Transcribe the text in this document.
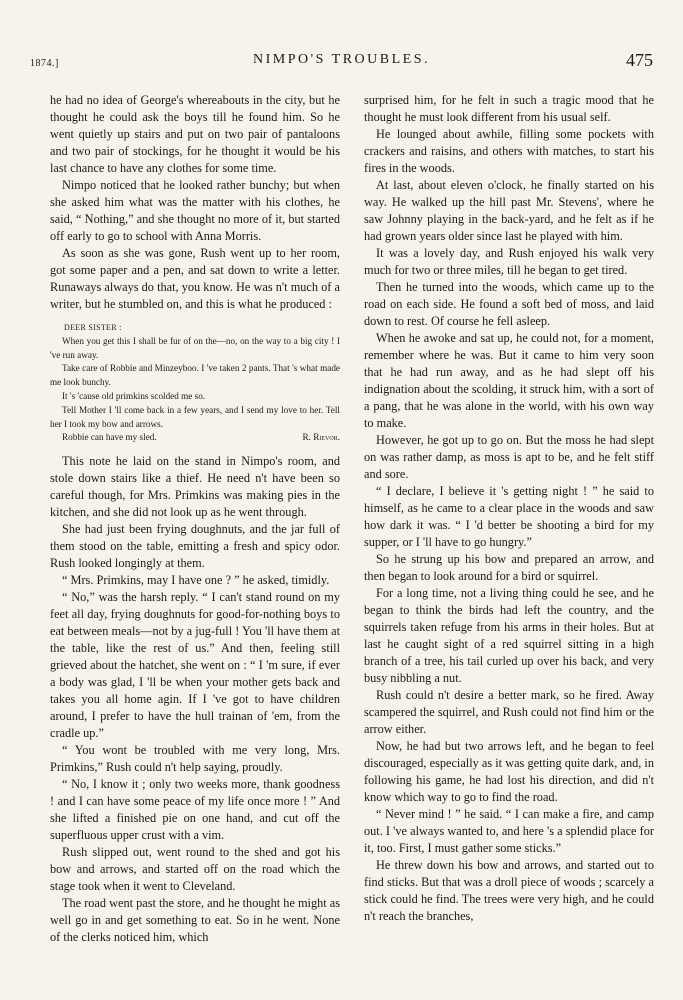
1874.]	NIMPO'S TROUBLES.	475

he had no idea of George's whereabouts in the city, but he thought he could ask the boys till he found him. So he went quietly up stairs and put on two pair of pantaloons and two pair of stockings, for he thought it would be his last chance to have any clothes for some time.

Nimpo noticed that he looked rather bunchy; but when she asked him what was the matter with his clothes, he said, “ Nothing,” and she thought no more of it, but started off early to go to school with Anna Morris.

As soon as she was gone, Rush went up to her room, got some paper and a pen, and sat down to write a letter. Runaways always do that, you know. He was n't much of a writer, but he stumbled on, and this is what he produced :

DEER SISTER :
When you get this I shall be fur of on the—no, on the way to a big city ! I 've run away.
Take care of Robbie and Minzeyboo. I 've taken 2 pants. That 's what made me look bunchy.
It 's 'cause old primkins scolded me so.
Tell Mother I 'll come back in a few years, and I send my love to her. Tell her I took my bow and arrows.
Robbie can have my sled.	R. Rievor.

This note he laid on the stand in Nimpo's room, and stole down stairs like a thief. He need n't have been so careful though, for Mrs. Primkins was making pies in the kitchen, and she did not look up as he went through.

She had just been frying doughnuts, and the jar full of them stood on the table, emitting a fresh and spicy odor. Rush looked longingly at them.

“ Mrs. Primkins, may I have one ? ” he asked, timidly.

“ No,” was the harsh reply. “ I can't stand round on my feet all day, frying doughnuts for good-for-nothing boys to eat between meals—not by a jug-full ! You 'll have them at the table, like the rest of us.” And then, feeling still grieved about the hatchet, she went on : “ I 'm sure, if ever a body was glad, I 'll be when your mother gets back and takes you all home agin. If I 've got to have children around, I prefer to have the hull trainan of 'em, from the cradle up.”

“ You wont be troubled with me very long, Mrs. Primkins,” Rush could n't help saying, proudly.

“ No, I know it ; only two weeks more, thank goodness ! and I can have some peace of my life once more ! ” And she lifted a finished pie on one hand, and cut off the superfluous upper crust with a vim.

Rush slipped out, went round to the shed and got his bow and arrows, and started off on the road which the stage took when it went to Cleveland.

The road went past the store, and he thought he might as well go in and get something to eat. So in he went. None of the clerks noticed him, which

surprised him, for he felt in such a tragic mood that he thought he must look different from his usual self.

He lounged about awhile, filling some pockets with crackers and raisins, and others with matches, to start his fires in the woods.

At last, about eleven o'clock, he finally started on his way. He walked up the hill past Mr. Stevens', where he saw Johnny playing in the back-yard, and he felt as if he had grown years older since last he played with him.

It was a lovely day, and Rush enjoyed his walk very much for two or three miles, till he began to get tired.

Then he turned into the woods, which came up to the road on each side. He found a soft bed of moss, and laid down to rest. Of course he fell asleep.

When he awoke and sat up, he could not, for a moment, remember where he was. But it came to him very soon that he had run away, and as he had slept off his indignation about the scolding, it struck him, with a sort of a pang, that he was alone in the world, with his own way to make.

However, he got up to go on. But the moss he had slept on was rather damp, as moss is apt to be, and he felt stiff and sore.

“ I declare, I believe it 's getting night ! ” he said to himself, as he came to a clear place in the woods and saw how dark it was. “ I 'd better be shooting a bird for my supper, or I 'll have to go hungry.”

So he strung up his bow and prepared an arrow, and then began to look around for a bird or squirrel.

For a long time, not a living thing could he see, and he began to think the birds had left the country, and the squirrels taken refuge from his arms in their holes. But at last he caught sight of a red squirrel sitting in a high branch of a tree, his tail curled up over his back, and very busy nibbling a nut.

Rush could n't desire a better mark, so he fired. Away scampered the squirrel, and Rush could not find him or the arrow either.

Now, he had but two arrows left, and he began to feel discouraged, especially as it was getting quite dark, and, in following his game, he had lost his direction, and did n't know which way to go to find the road.

“ Never mind ! ” he said. “ I can make a fire, and camp out. I 've always wanted to, and here 's a splendid place for it, too. First, I must gather some sticks.”

He threw down his bow and arrows, and started out to find sticks. But that was a droll piece of woods ; scarcely a stick could he find. The trees were very high, and he could n't reach the branches,
